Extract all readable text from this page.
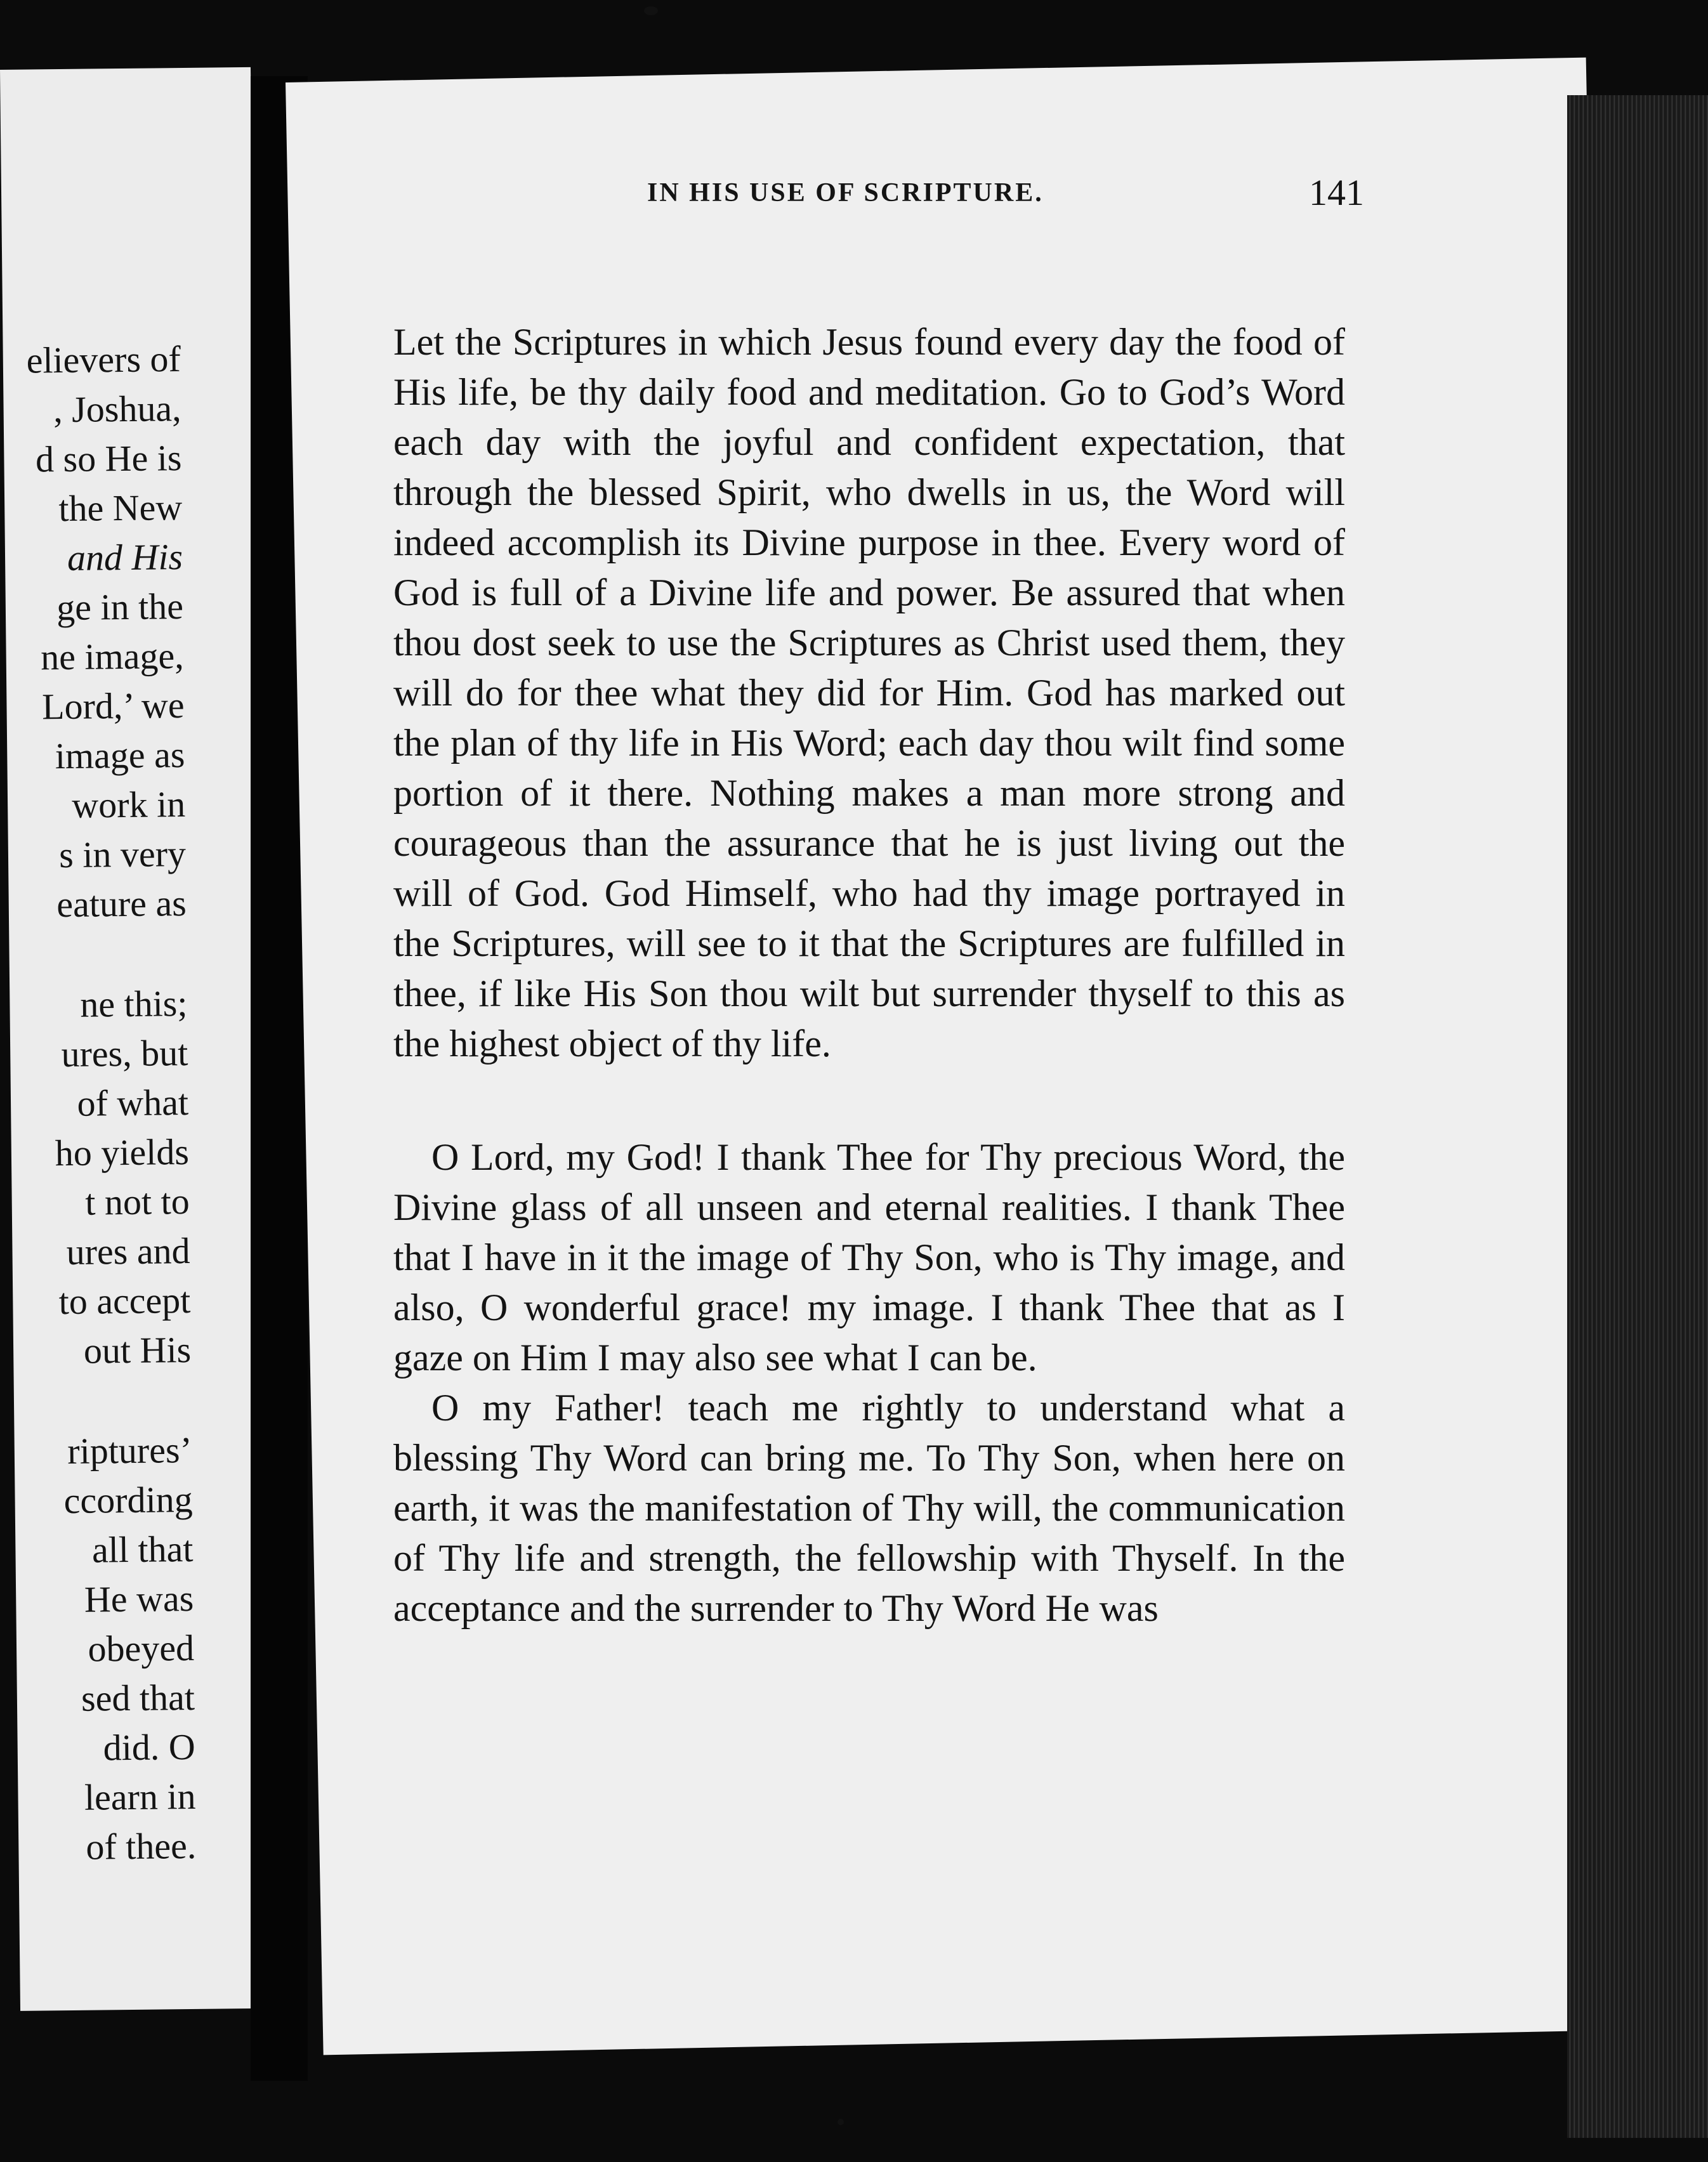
elievers of
, Joshua,
d so He is
the New
and His
ge in the
ne image,
Lord,’ we
image as
work in
s in very
eature as
ne this;
ures, but
of what
ho yields
t not to
ures and
to accept
out His
riptures’
ccording
all that
He was
obeyed
sed that
did. O
learn in
of thee.
IN HIS USE OF SCRIPTURE.	141

Let the Scriptures in which Jesus found every day the food of His life, be thy daily food and meditation. Go to God’s Word each day with the joyful and confident expectation, that through the blessed Spirit, who dwells in us, the Word will indeed accomplish its Divine purpose in thee. Every word of God is full of a Divine life and power. Be assured that when thou dost seek to use the Scriptures as Christ used them, they will do for thee what they did for Him. God has marked out the plan of thy life in His Word; each day thou wilt find some portion of it there. Nothing makes a man more strong and courageous than the assurance that he is just living out the will of God. God Himself, who had thy image portrayed in the Scriptures, will see to it that the Scriptures are fulfilled in thee, if like His Son thou wilt but surrender thyself to this as the highest object of thy life.

O Lord, my God! I thank Thee for Thy precious Word, the Divine glass of all unseen and eternal realities. I thank Thee that I have in it the image of Thy Son, who is Thy image, and also, O wonderful grace! my image. I thank Thee that as I gaze on Him I may also see what I can be.

O my Father! teach me rightly to understand what a blessing Thy Word can bring me. To Thy Son, when here on earth, it was the manifestation of Thy will, the communication of Thy life and strength, the fellowship with Thyself. In the acceptance and the surrender to Thy Word He was
